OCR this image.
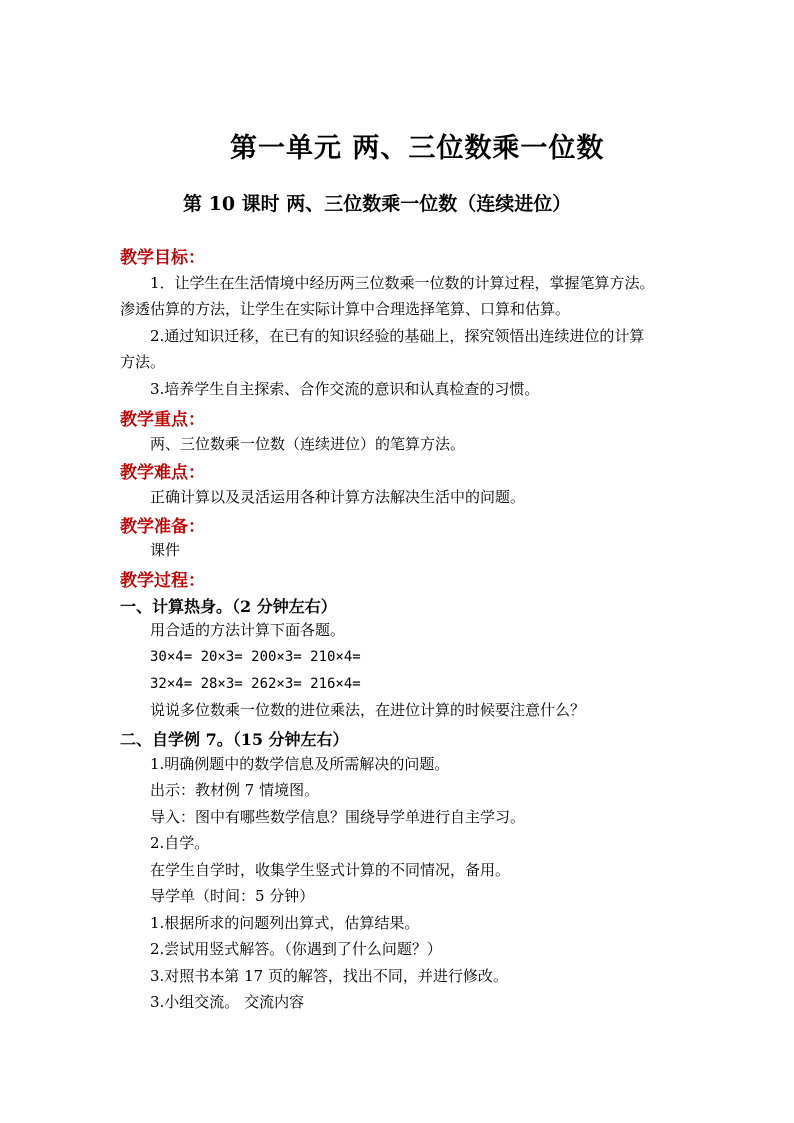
第一单元 两、三位数乘一位数
第 10 课时 两、三位数乘一位数（连续进位）
教学目标：
1．让学生在生活情境中经历两三位数乘一位数的计算过程，掌握笔算方法。
渗透估算的方法，让学生在实际计算中合理选择笔算、口算和估算。
2.通过知识迁移，在已有的知识经验的基础上，探究领悟出连续进位的计算
方法。
3.培养学生自主探索、合作交流的意识和认真检查的习惯。
教学重点：
两、三位数乘一位数（连续进位）的笔算方法。
教学难点：
正确计算以及灵活运用各种计算方法解决生活中的问题。
教学准备：
课件
教学过程：
一、计算热身。（2 分钟左右）
用合适的方法计算下面各题。
30×4= 20×3= 200×3= 210×4=
32×4= 28×3= 262×3= 216×4=
说说多位数乘一位数的进位乘法，在进位计算的时候要注意什么？
二、自学例 7。（15 分钟左右）
1.明确例题中的数学信息及所需解决的问题。
出示：教材例 7 情境图。
导入：图中有哪些数学信息？围绕导学单进行自主学习。
2.自学。
在学生自学时，收集学生竖式计算的不同情况，备用。
导学单（时间：5 分钟）
1.根据所求的问题列出算式，估算结果。
2.尝试用竖式解答。（你遇到了什么问题？）
3.对照书本第 17 页的解答，找出不同，并进行修改。
3.小组交流。 交流内容
